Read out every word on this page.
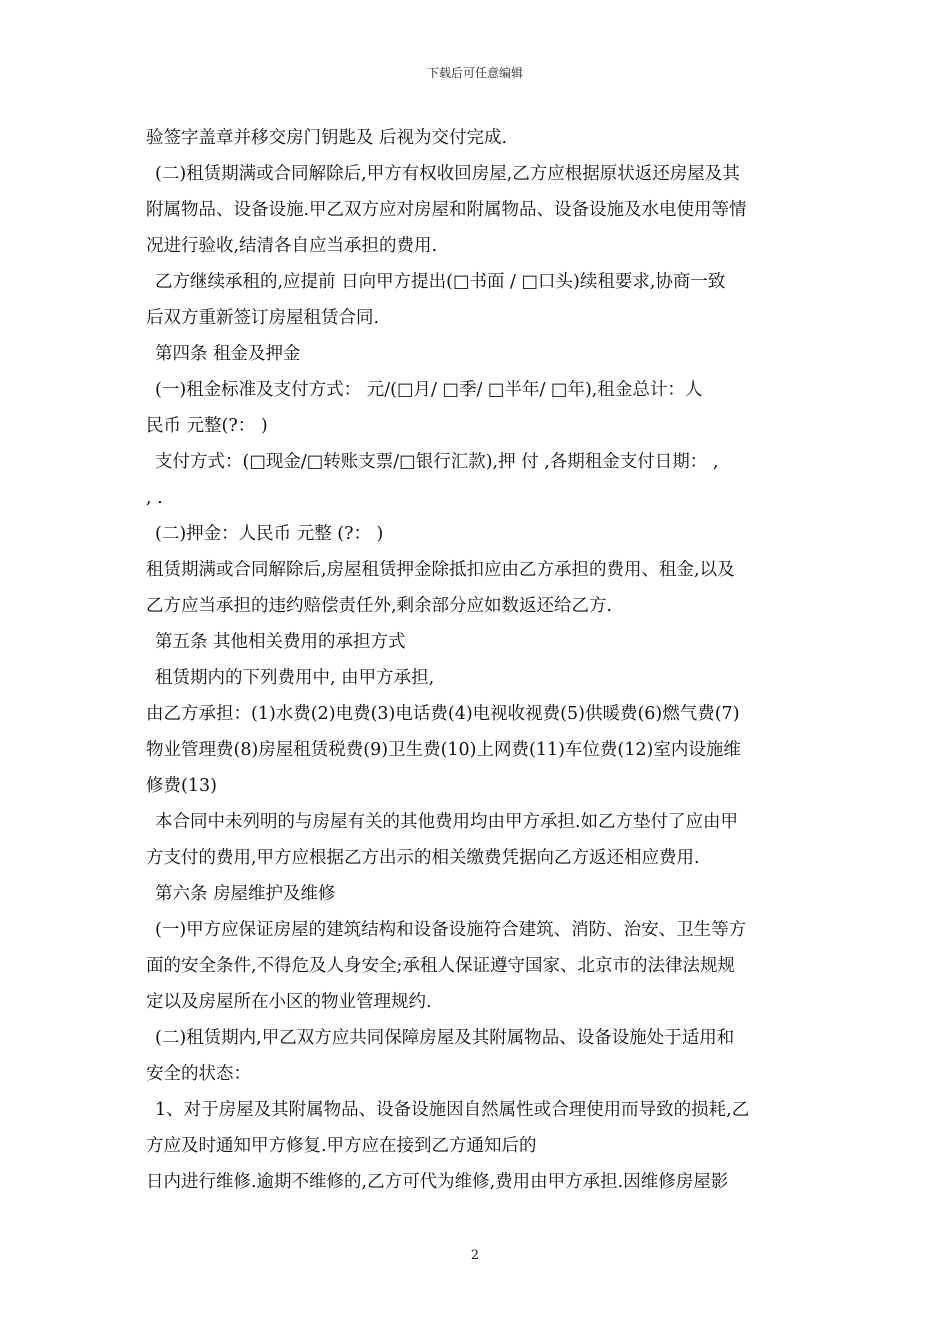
下载后可任意编辑
验签字盖章并移交房门钥匙及 后视为交付完成.
(二)租赁期满或合同解除后,甲方有权收回房屋,乙方应根据原状返还房屋及其
附属物品、设备设施.甲乙双方应对房屋和附属物品、设备设施及水电使用等情
况进行验收,结清各自应当承担的费用.
乙方继续承租的,应提前 日向甲方提出(□书面 / □口头)续租要求,协商一致
后双方重新签订房屋租赁合同.
第四条 租金及押金
(一)租金标准及支付方式： 元/(□月/ □季/ □半年/ □年),租金总计：人
民币 元整(?： )
支付方式：(□现金/□转账支票/□银行汇款),押 付 ,各期租金支付日期： ,
, .
(二)押金：人民币 元整 (?： )
租赁期满或合同解除后,房屋租赁押金除抵扣应由乙方承担的费用、租金,以及
乙方应当承担的违约赔偿责任外,剩余部分应如数返还给乙方.
第五条 其他相关费用的承担方式
租赁期内的下列费用中, 由甲方承担,
由乙方承担：(1)水费(2)电费(3)电话费(4)电视收视费(5)供暖费(6)燃气费(7)
物业管理费(8)房屋租赁税费(9)卫生费(10)上网费(11)车位费(12)室内设施维
修费(13)
本合同中未列明的与房屋有关的其他费用均由甲方承担.如乙方垫付了应由甲
方支付的费用,甲方应根据乙方出示的相关缴费凭据向乙方返还相应费用.
第六条 房屋维护及维修
(一)甲方应保证房屋的建筑结构和设备设施符合建筑、消防、治安、卫生等方
面的安全条件,不得危及人身安全;承租人保证遵守国家、北京市的法律法规规
定以及房屋所在小区的物业管理规约.
(二)租赁期内,甲乙双方应共同保障房屋及其附属物品、设备设施处于适用和
安全的状态：
1、对于房屋及其附属物品、设备设施因自然属性或合理使用而导致的损耗,乙
方应及时通知甲方修复.甲方应在接到乙方通知后的
日内进行维修.逾期不维修的,乙方可代为维修,费用由甲方承担.因维修房屋影
2
